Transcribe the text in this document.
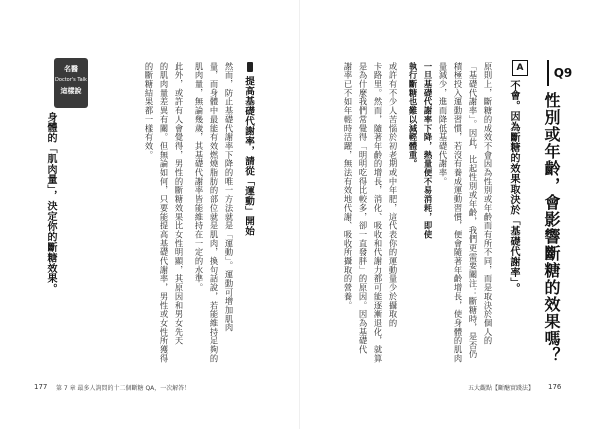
Q9
性別或年齡，會影響斷糖的效果嗎？
A
不會。因為斷糖的效果取決於「基礎代謝率」。
原則上，斷糖的成效不會因為性別或年齡而有所不同，而是取決於個人的
「基礎代謝率」。因此，比起性別或年齡，我們更需要關注：斷糖時，是否仍
積極投入運動習慣，若沒有養成運動習慣，便會隨著年齡增長，使身體的肌肉
量減少，進而降低基礎代謝率。
一旦基礎代謝率下降，熱量便不易消耗，即使
執行斷糖也難以減輕體重。
或許有不少人苦惱於初老期或中年肥，這代表你的運動量少於攝取的
卡路里。然而，隨著年齡的增長，消化、吸收和代謝力都可能逐漸退化，就算
是為什麼我們常覺得「明明吃得比較多，卻一直發胖」的原因。因為基礎代
謝率已不如年輕時活躍，無法有效地代謝、吸收所攝取的營養。
五大觀點【斷醣實踐法】 176
提高基礎代謝率，請從「運動」開始
然而，防止基礎代謝率下降的唯一方法就是「運動」。運動可增加肌肉
量，而身體中最能有效燃燒脂肪的部位就是肌肉，換句話說，若能維持足夠的
肌肉量，無論幾歲，其基礎代謝率皆能維持在一定的水準。
此外，或許有人會覺得，男性的斷糖效果比女性明顯，其原因和男女先天
的肌肉量差異有關。但無論如何，只要能提高基礎代謝率，男性或女性所獲得
的斷糖結果都一樣有效。
名醫
Doctor's Talk
這樣說
身體的「肌肉量」，決定你的斷糖效果。
177 第 7 章 最多人詢問的十二個斷糖 QA，一次解答！
